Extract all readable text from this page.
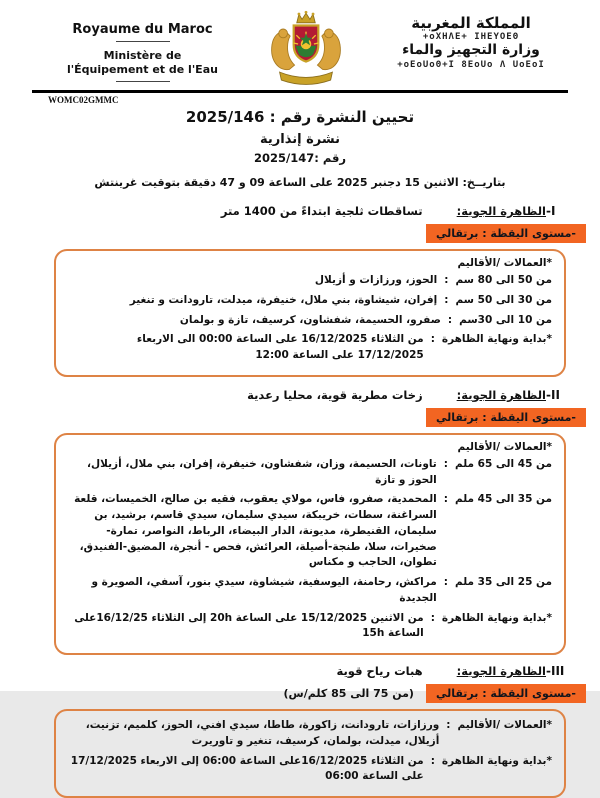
Royaume du Maroc
Ministère de
l'Équipement et de l'Eau
المملكة المغربية
+oXHΛE+ IHEYOEΘ
وزارة التجهيز والماء
+oEoUoΘ+I 8EoUo Λ UoEoI
WOMC02GMMC
تحيين النشرة رقم : 2025/146
نشرة إنذارية
رقم :2025/147
بتاريــخ: الاثنين 15 دجنبر 2025 على الساعة 09 و 47 دقيقة بتوقيت غرينتش
-I
الظاهرة الجوية:
تساقطات ثلجية ابتداءً من 1400 متر
-مستوى اليقظة : برتقالي
*العمالات /الأقاليم
من 50 الى 80 سم
:
الحوز، ورزازات و أزيلال
من 30 الى 50 سم
:
إفران، شيشاوة، بني ملال، خنيفرة، ميدلت، تارودانت و تنغير
من 10 الى 30سم
:
صفرو، الحسيمة، شفشاون، كرسيف، تازة و بولمان
*بداية ونهاية الظاهرة
:
من الثلاثاء 16/12/2025 على الساعة 00:00 الى الاربعاء 17/12/2025 على الساعة 12:00
-II
الظاهرة الجوية:
زخات مطرية قوية، محليا رعدية
-مستوى اليقظة : برتقالي
*العمالات /الأقاليم
من 45 الى 65 ملم
:
تاونات، الحسيمة، وزان، شفشاون، خنيفرة، إفران، بني ملال، أزيلال، الحوز و تازة
من 35 الى 45 ملم
:
المحمدية، صفرو، فاس، مولاي يعقوب، فقيه بن صالح، الخميسات، قلعة السراغنة، سطات، خريبكة، سيدي سليمان، سيدي قاسم، برشيد، بن سليمان، القنيطرة، مديونة، الدار البيضاء، الرباط، النواصر، تمارة-صخيرات، سلا، طنجة-أصيلة، العرائش، فحص - أنجرة، المضيق-الفنيدق، تطوان، الحاجب و مكناس
من 25 الى 35 ملم
:
مراكش، رحامنة، اليوسفية، شيشاوة، سيدي بنور، آسفي، الصويرة و الجديدة
*بداية ونهاية الظاهرة
:
من الاثنين 15/12/2025 على الساعة 20h إلى الثلاثاء 16/12/25على الساعة 15h
-III
الظاهرة الجوية:
هبات رياح قوية
-مستوى اليقظة : برتقالي
(من 75 الى 85 كلم/س)
*العمالات /الأقاليم
:
ورزازات، تارودانت، زاكورة، طاطا، سيدي افني، الحوز، كلميم، تزنيت، أزيلال، ميدلت، بولمان، كرسيف، تنغير و تاوريرت
*بداية ونهاية الظاهرة
:
من الثلاثاء 16/12/2025على الساعة 06:00 إلى الاربعاء 17/12/2025 على الساعة 06:00
